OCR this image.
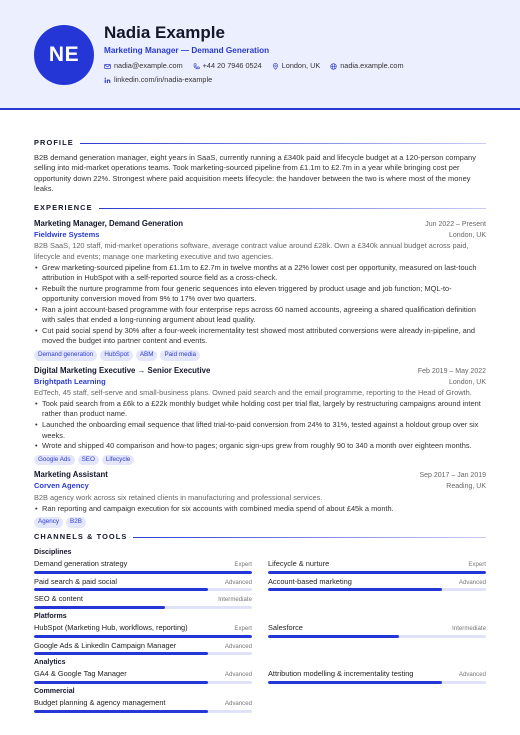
NE
Nadia Example
Marketing Manager — Demand Generation
nadia@example.com	+44 20 7946 0524	London, UK	nadia.example.com
linkedin.com/in/nadia-example
PROFILE

B2B demand generation manager, eight years in SaaS, currently running a £340k paid and lifecycle budget at a 120-person company selling into mid-market operations teams. Took marketing-sourced pipeline from £1.1m to £2.7m in a year while bringing cost per opportunity down 22%. Strongest where paid acquisition meets lifecycle: the handover between the two is where most of the money leaks.

EXPERIENCE
Marketing Manager, Demand Generation	Jun 2022 – Present
Fieldwire Systems	London, UK
B2B SaaS, 120 staff, mid-market operations software, average contract value around £28k. Own a £340k annual budget across paid, lifecycle and events; manage one marketing executive and two agencies.
• Grew marketing-sourced pipeline from £1.1m to £2.7m in twelve months at a 22% lower cost per opportunity, measured on last-touch attribution in HubSpot with a self-reported source field as a cross-check.
• Rebuilt the nurture programme from four generic sequences into eleven triggered by product usage and job function; MQL-to-opportunity conversion moved from 9% to 17% over two quarters.
• Ran a joint account-based programme with four enterprise reps across 60 named accounts, agreeing a shared qualification definition with sales that ended a long-running argument about lead quality.
• Cut paid social spend by 30% after a four-week incrementality test showed most attributed conversions were already in-pipeline, and moved the budget into partner content and events.
Demand generation	HubSpot	ABM	Paid media
Digital Marketing Executive → Senior Executive	Feb 2019 – May 2022
Brightpath Learning	London, UK
EdTech, 45 staff, self-serve and small-business plans. Owned paid search and the email programme, reporting to the Head of Growth.
• Took paid search from a £6k to a £22k monthly budget while holding cost per trial flat, largely by restructuring campaigns around intent rather than product name.
• Launched the onboarding email sequence that lifted trial-to-paid conversion from 24% to 31%, tested against a holdout group over six weeks.
• Wrote and shipped 40 comparison and how-to pages; organic sign-ups grew from roughly 90 to 340 a month over eighteen months.
Google Ads	SEO	Lifecycle
Marketing Assistant	Sep 2017 – Jan 2019
Corven Agency	Reading, UK
B2B agency work across six retained clients in manufacturing and professional services.
• Ran reporting and campaign execution for six accounts with combined media spend of about £45k a month.
Agency	B2B
CHANNELS & TOOLS
Disciplines
Demand generation strategy	Expert Lifecycle & nurture	Expert
Paid search & paid social	Advanced Account-based marketing	Advanced
SEO & content	Intermediate
Platforms
HubSpot (Marketing Hub, workflows, reporting)	Expert Salesforce	Intermediate
Google Ads & LinkedIn Campaign Manager	Advanced
Analytics
GA4 & Google Tag Manager	Advanced Attribution modelling & incrementality testing	Advanced
Commercial
Budget planning & agency management	Advanced
